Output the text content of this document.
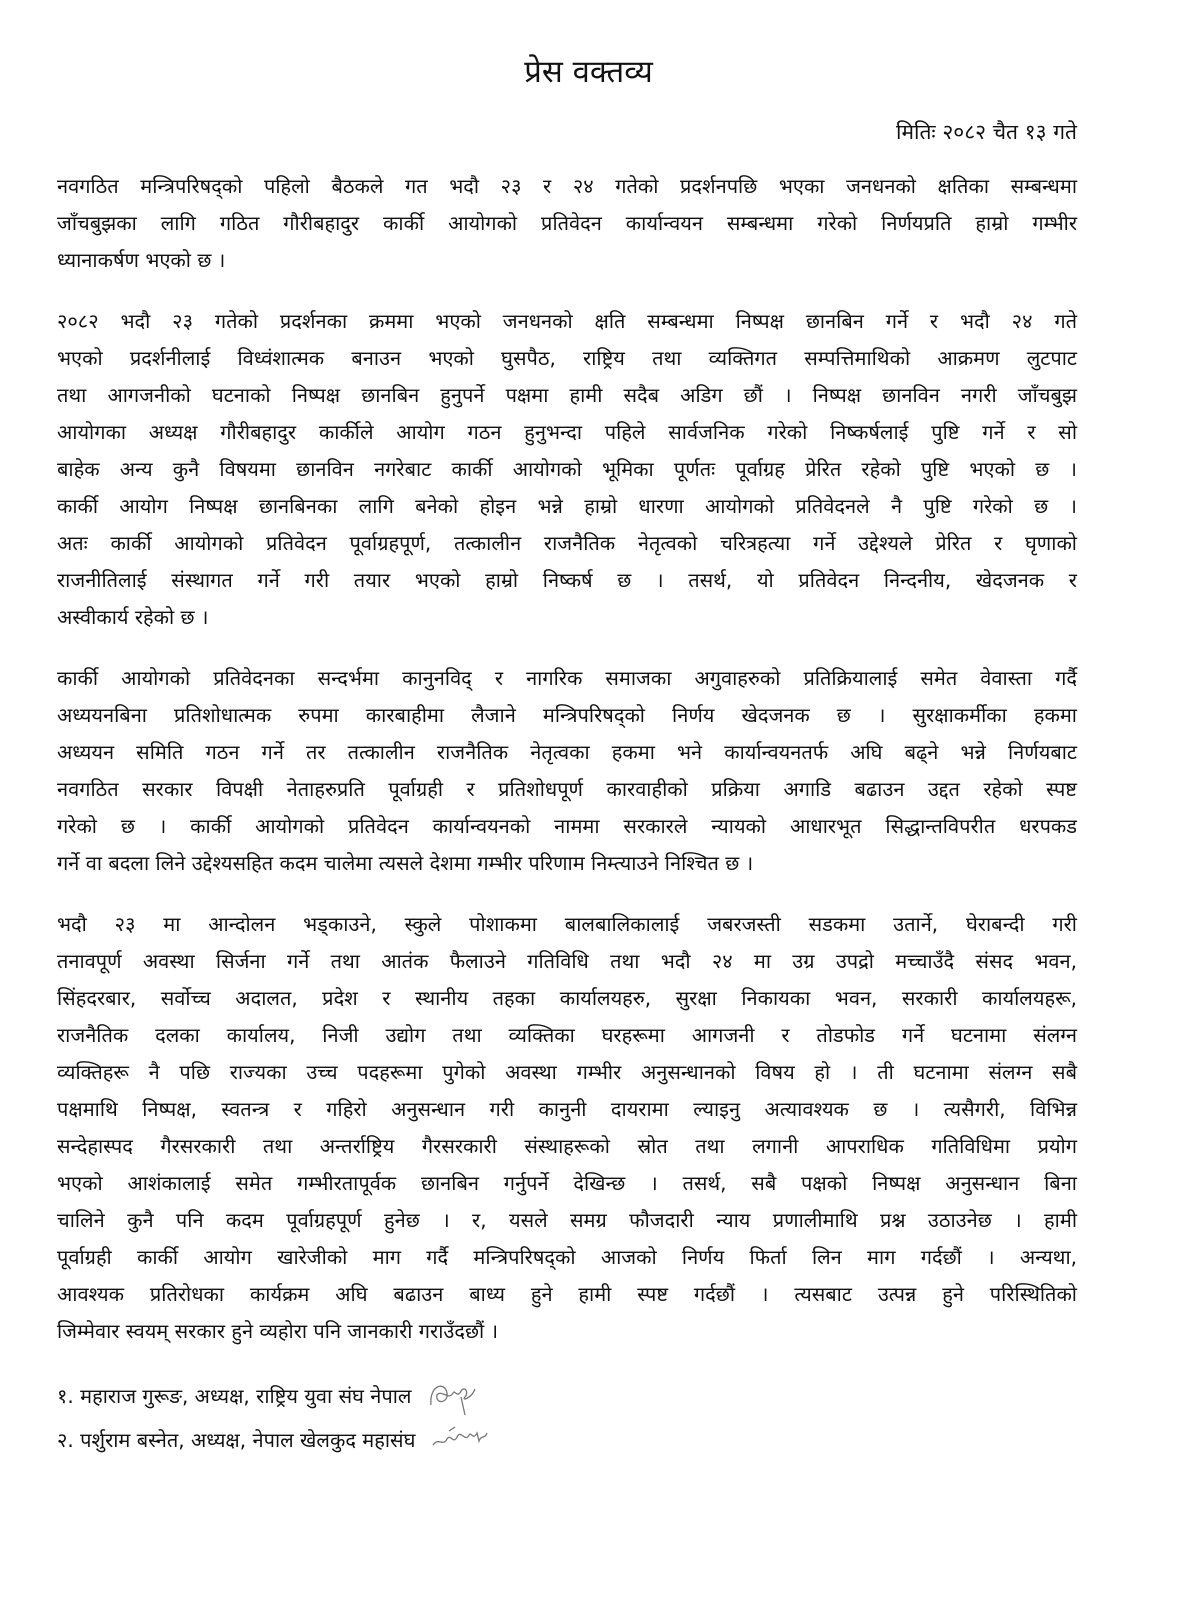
प्रेस वक्तव्य
मितिः २०८२ चैत १३ गते
नवगठित मन्त्रिपरिषद्को पहिलो बैठकले गत भदौ २३ र २४ गतेको प्रदर्शनपछि भएका जनधनको क्षतिका सम्बन्धमा
जाँचबुझका लागि गठित गौरीबहादुर कार्की आयोगको प्रतिवेदन कार्यान्वयन सम्बन्धमा गरेको निर्णयप्रति हाम्रो गम्भीर
ध्यानाकर्षण भएको छ ।
२०८२ भदौ २३ गतेको प्रदर्शनका क्रममा भएको जनधनको क्षति सम्बन्धमा निष्पक्ष छानबिन गर्ने र भदौ २४ गते
भएको प्रदर्शनीलाई विध्वंशात्मक बनाउन भएको घुसपैठ, राष्ट्रिय तथा व्यक्तिगत सम्पत्तिमाथिको आक्रमण लुटपाट
तथा आगजनीको घटनाको निष्पक्ष छानबिन हुनुपर्ने पक्षमा हामी सदैब अडिग छौं । निष्पक्ष छानविन नगरी जाँचबुझ
आयोगका अध्यक्ष गौरीबहादुर कार्कीले आयोग गठन हुनुभन्दा पहिले सार्वजनिक गरेको निष्कर्षलाई पुष्टि गर्ने र सो
बाहेक अन्य कुनै विषयमा छानविन नगरेबाट कार्की आयोगको भूमिका पूर्णतः पूर्वाग्रह प्रेरित रहेको पुष्टि भएको छ ।
कार्की आयोग निष्पक्ष छानबिनका लागि बनेको होइन भन्ने हाम्रो धारणा आयोगको प्रतिवेदनले नै पुष्टि गरेको छ ।
अतः कार्की आयोगको प्रतिवेदन पूर्वाग्रहपूर्ण, तत्कालीन राजनैतिक नेतृत्वको चरित्रहत्या गर्ने उद्देश्यले प्रेरित र घृणाको
राजनीतिलाई संस्थागत गर्ने गरी तयार भएको हाम्रो निष्कर्ष छ । तसर्थ, यो प्रतिवेदन निन्दनीय, खेदजनक र
अस्वीकार्य रहेको छ ।
कार्की आयोगको प्रतिवेदनका सन्दर्भमा कानुनविद् र नागरिक समाजका अगुवाहरुको प्रतिक्रियालाई समेत वेवास्ता गर्दै
अध्ययनबिना प्रतिशोधात्मक रुपमा कारबाहीमा लैजाने मन्त्रिपरिषद्को निर्णय खेदजनक छ । सुरक्षाकर्मीका हकमा
अध्ययन समिति गठन गर्ने तर तत्कालीन राजनैतिक नेतृत्वका हकमा भने कार्यान्वयनतर्फ अघि बढ्ने भन्ने निर्णयबाट
नवगठित सरकार विपक्षी नेताहरुप्रति पूर्वाग्रही र प्रतिशोधपूर्ण कारवाहीको प्रक्रिया अगाडि बढाउन उद्दत रहेको स्पष्ट
गरेको छ । कार्की आयोगको प्रतिवेदन कार्यान्वयनको नाममा सरकारले न्यायको आधारभूत सिद्धान्तविपरीत धरपकड
गर्ने वा बदला लिने उद्देश्यसहित कदम चालेमा त्यसले देशमा गम्भीर परिणाम निम्त्याउने निश्चित छ ।
भदौ २३ मा आन्दोलन भड्काउने, स्कुले पोशाकमा बालबालिकालाई जबरजस्ती सडकमा उतार्ने, घेराबन्दी गरी
तनावपूर्ण अवस्था सिर्जना गर्ने तथा आतंक फैलाउने गतिविधि तथा भदौ २४ मा उग्र उपद्रो मच्चाउँदै संसद भवन,
सिंहदरबार, सर्वोच्च अदालत, प्रदेश र स्थानीय तहका कार्यालयहरु, सुरक्षा निकायका भवन, सरकारी कार्यालयहरू,
राजनैतिक दलका कार्यालय, निजी उद्योग तथा व्यक्तिका घरहरूमा आगजनी र तोडफोड गर्ने घटनामा संलग्न
व्यक्तिहरू नै पछि राज्यका उच्च पदहरूमा पुगेको अवस्था गम्भीर अनुसन्धानको विषय हो । ती घटनामा संलग्न सबै
पक्षमाथि निष्पक्ष, स्वतन्त्र र गहिरो अनुसन्धान गरी कानुनी दायरामा ल्याइनु अत्यावश्यक छ । त्यसैगरी, विभिन्न
सन्देहास्पद गैरसरकारी तथा अन्तर्राष्ट्रिय गैरसरकारी संस्थाहरूको स्रोत तथा लगानी आपराधिक गतिविधिमा प्रयोग
भएको आशंकालाई समेत गम्भीरतापूर्वक छानबिन गर्नुपर्ने देखिन्छ । तसर्थ, सबै पक्षको निष्पक्ष अनुसन्धान बिना
चालिने कुनै पनि कदम पूर्वाग्रहपूर्ण हुनेछ । र, यसले समग्र फौजदारी न्याय प्रणालीमाथि प्रश्न उठाउनेछ । हामी
पूर्वाग्रही कार्की आयोग खारेजीको माग गर्दै मन्त्रिपरिषद्को आजको निर्णय फिर्ता लिन माग गर्दछौं । अन्यथा,
आवश्यक प्रतिरोधका कार्यक्रम अघि बढाउन बाध्य हुने हामी स्पष्ट गर्दछौं । त्यसबाट उत्पन्न हुने परिस्थितिको
जिम्मेवार स्वयम् सरकार हुने व्यहोरा पनि जानकारी गराउँदछौं ।
१. महाराज गुरूङ, अध्यक्ष, राष्ट्रिय युवा संघ नेपाल
२. पर्शुराम बस्नेत, अध्यक्ष, नेपाल खेलकुद महासंघ
